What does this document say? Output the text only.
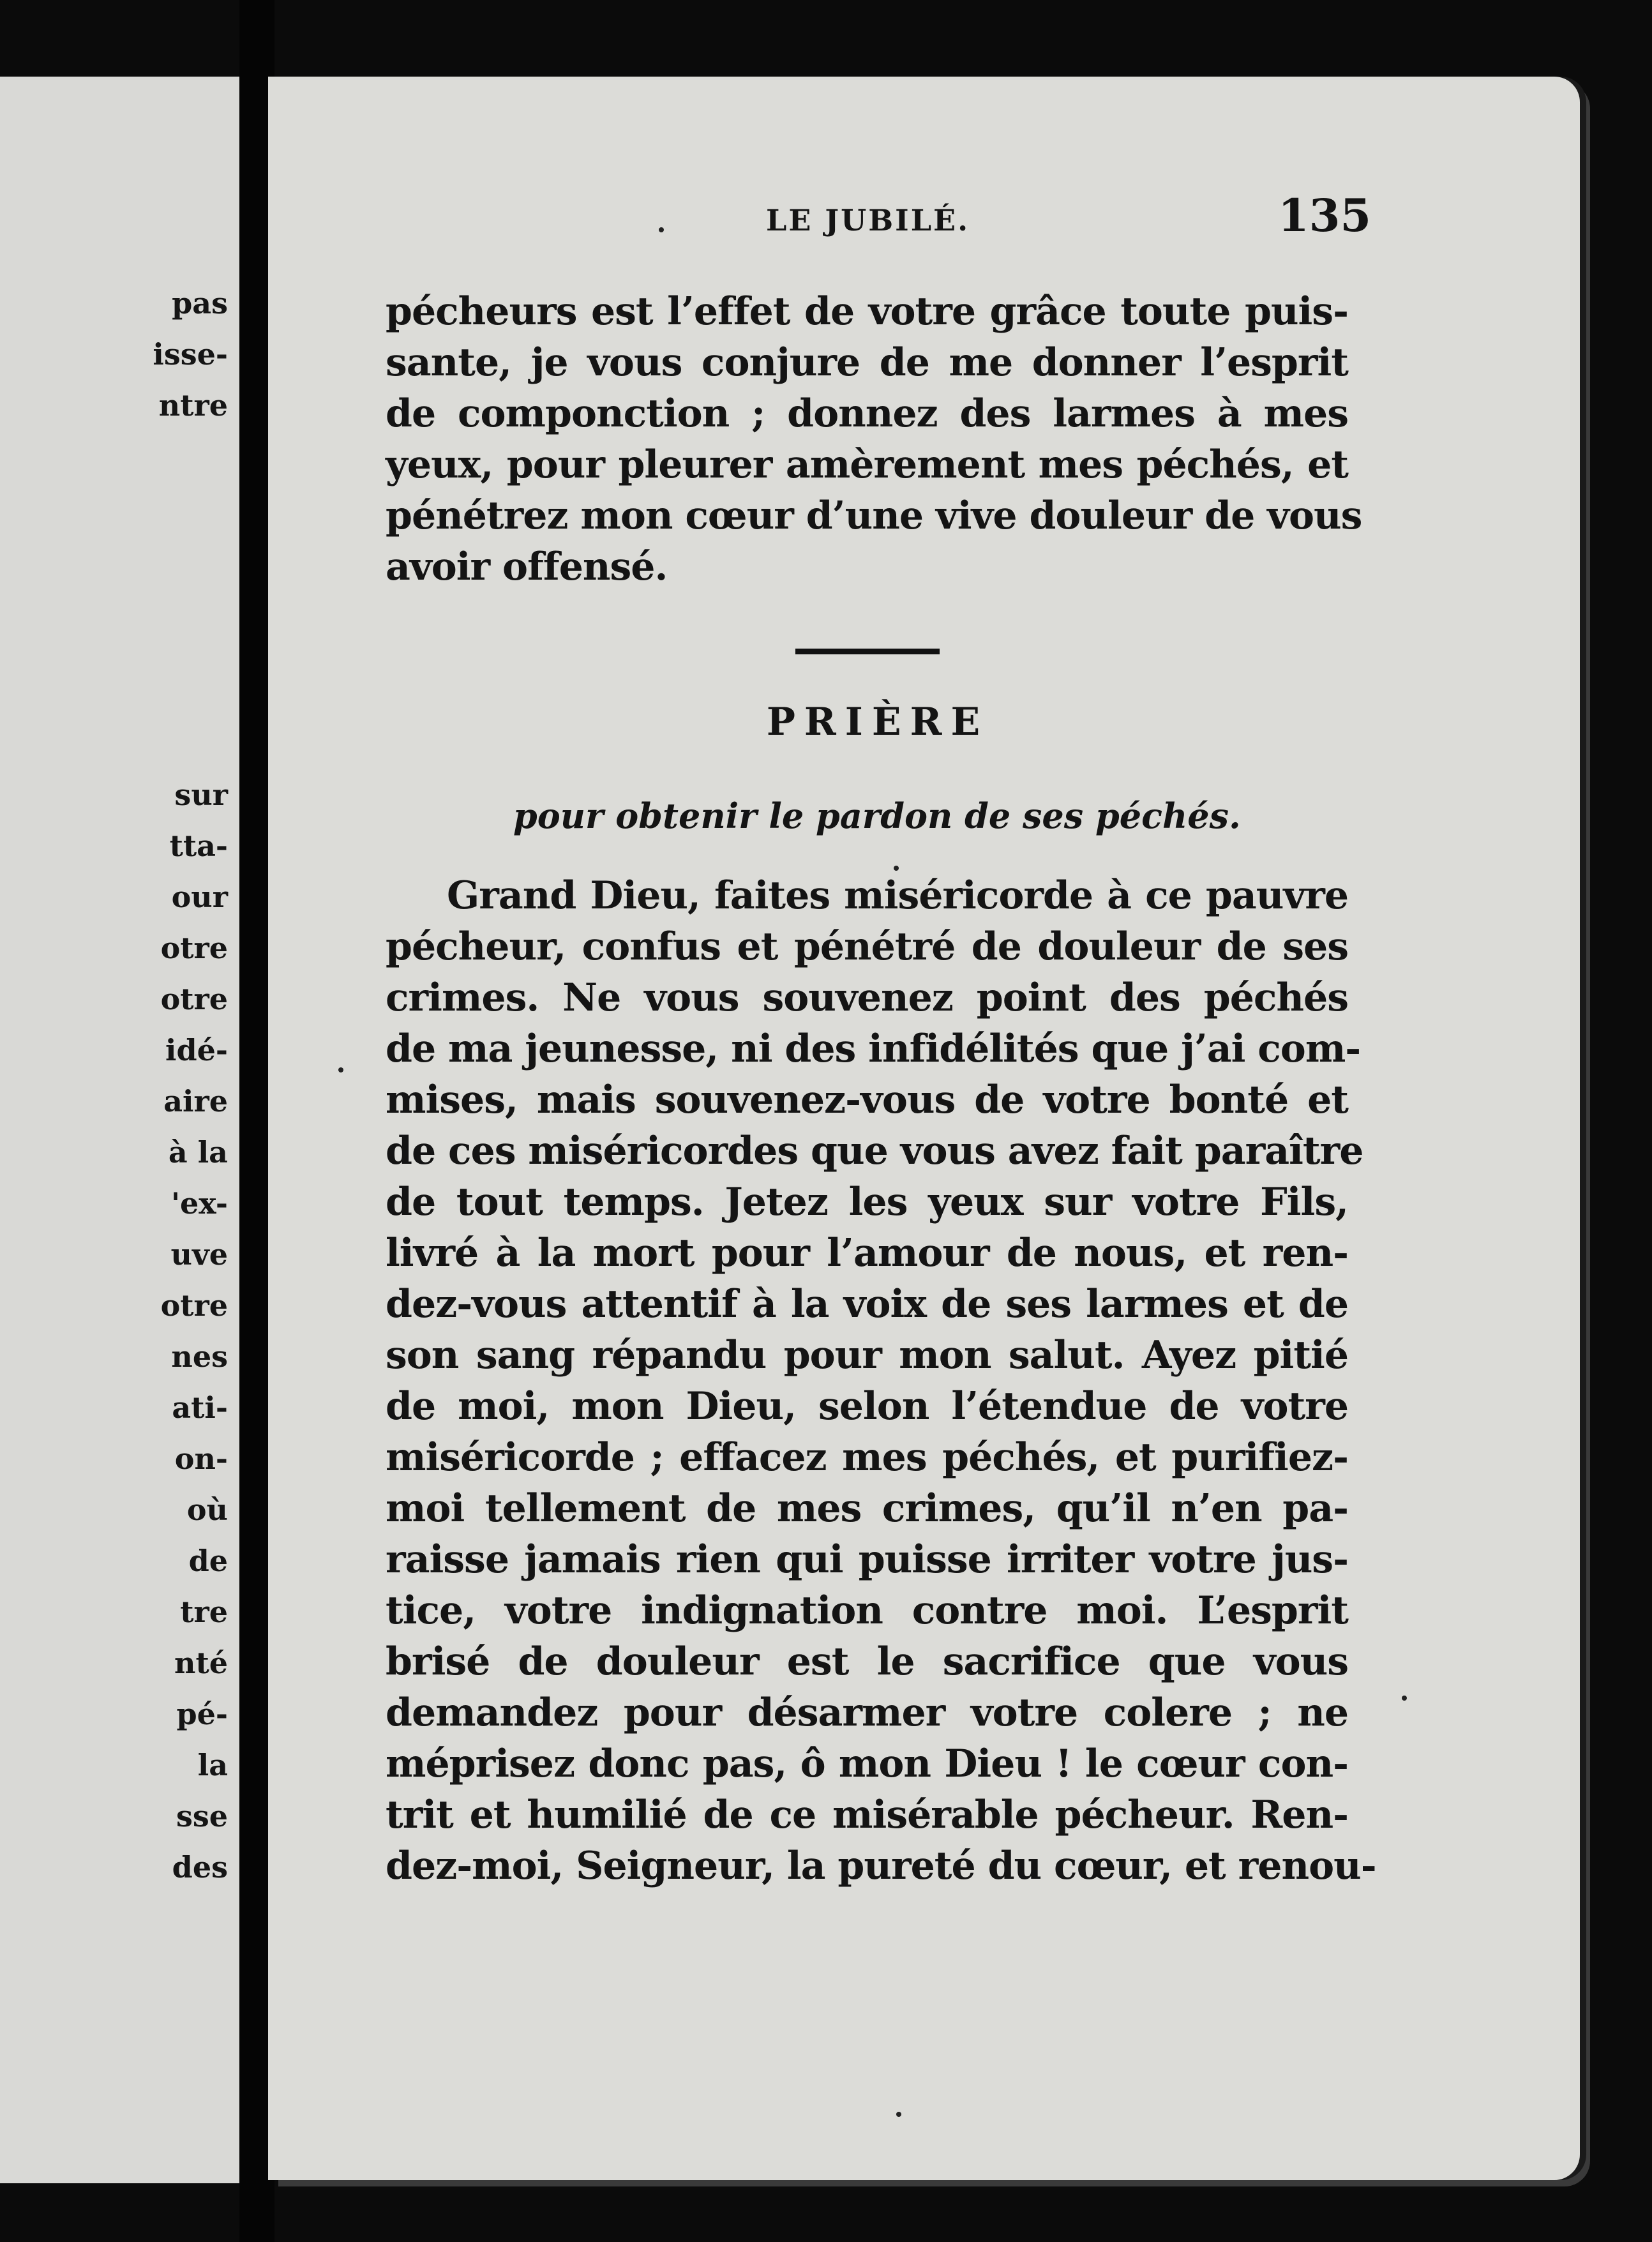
pas
isse-
ntre
sur
tta-
our
otre
otre
idé-
aire
à la
'ex-
uve
otre
nes
ati-
on-
où
de
tre
nté
pé-
la
sse
des
LE JUBILÉ.	135
pécheurs est l’effet de votre grâce toute puis-
sante, je vous conjure de me donner l’esprit
de componction ; donnez des larmes à mes
yeux, pour pleurer amèrement mes péchés, et
pénétrez mon cœur d’une vive douleur de vous
avoir offensé.
PRIÈRE
pour obtenir le pardon de ses péchés.
Grand Dieu, faites miséricorde à ce pauvre
pécheur, confus et pénétré de douleur de ses
crimes. Ne vous souvenez point des péchés
de ma jeunesse, ni des infidélités que j’ai com-
mises, mais souvenez-vous de votre bonté et
de ces miséricordes que vous avez fait paraître
de tout temps. Jetez les yeux sur votre Fils,
livré à la mort pour l’amour de nous, et ren-
dez-vous attentif à la voix de ses larmes et de
son sang répandu pour mon salut. Ayez pitié
de moi, mon Dieu, selon l’étendue de votre
miséricorde ; effacez mes péchés, et purifiez-
moi tellement de mes crimes, qu’il n’en pa-
raisse jamais rien qui puisse irriter votre jus-
tice, votre indignation contre moi. L’esprit
brisé de douleur est le sacrifice que vous
demandez pour désarmer votre colere ; ne
méprisez donc pas, ô mon Dieu ! le cœur con-
trit et humilié de ce misérable pécheur. Ren-
dez-moi, Seigneur, la pureté du cœur, et renou-
